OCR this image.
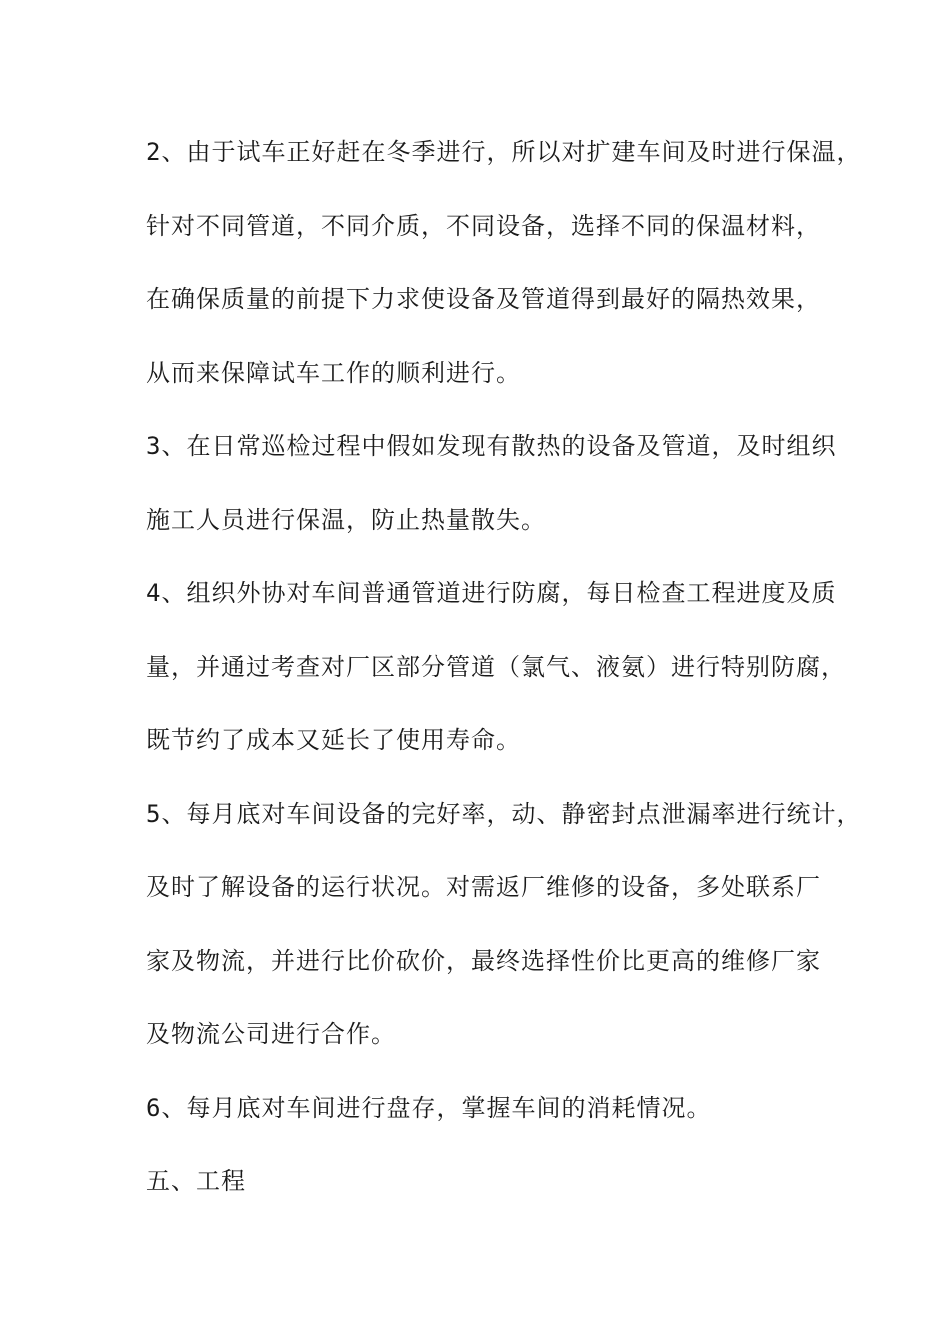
2、由于试车正好赶在冬季进行，所以对扩建车间及时进行保温，
针对不同管道，不同介质，不同设备，选择不同的保温材料，
在确保质量的前提下力求使设备及管道得到最好的隔热效果，
从而来保障试车工作的顺利进行。
3、在日常巡检过程中假如发现有散热的设备及管道，及时组织
施工人员进行保温，防止热量散失。
4、组织外协对车间普通管道进行防腐，每日检查工程进度及质
量，并通过考查对厂区部分管道（氯气、液氨）进行特别防腐，
既节约了成本又延长了使用寿命。
5、每月底对车间设备的完好率，动、静密封点泄漏率进行统计，
及时了解设备的运行状况。对需返厂维修的设备，多处联系厂
家及物流，并进行比价砍价，最终选择性价比更高的维修厂家
及物流公司进行合作。
6、每月底对车间进行盘存，掌握车间的消耗情况。
五、工程
